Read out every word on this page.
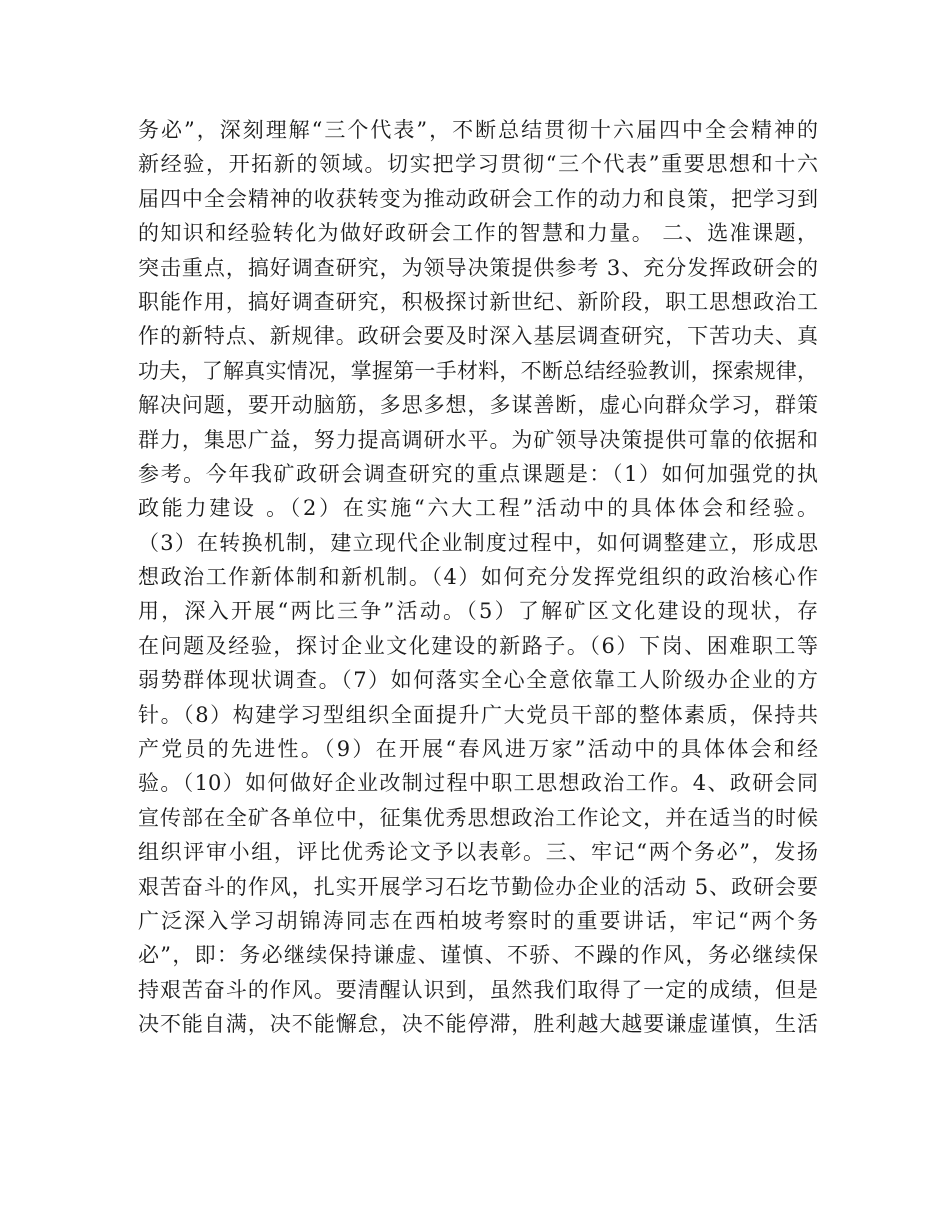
务必”，深刻理解“三个代表”，不断总结贯彻十六届四中全会精神的
新经验，开拓新的领域。切实把学习贯彻“三个代表”重要思想和十六
届四中全会精神的收获转变为推动政研会工作的动力和良策，把学习到
的知识和经验转化为做好政研会工作的智慧和力量。 二、选准课题，
突击重点，搞好调查研究，为领导决策提供参考 3、充分发挥政研会的
职能作用，搞好调查研究，积极探讨新世纪、新阶段，职工思想政治工
作的新特点、新规律。政研会要及时深入基层调查研究，下苦功夫、真
功夫，了解真实情况，掌握第一手材料，不断总结经验教训，探索规律，
解决问题，要开动脑筋，多思多想，多谋善断，虚心向群众学习，群策
群力，集思广益，努力提高调研水平。为矿领导决策提供可靠的依据和
参考。今年我矿政研会调查研究的重点课题是：（1）如何加强党的执
政能力建设 。（2）在实施“六大工程”活动中的具体体会和经验。
（3）在转换机制，建立现代企业制度过程中，如何调整建立，形成思
想政治工作新体制和新机制。（4）如何充分发挥党组织的政治核心作
用，深入开展“两比三争”活动。（5）了解矿区文化建设的现状，存
在问题及经验，探讨企业文化建设的新路子。（6）下岗、困难职工等
弱势群体现状调查。（7）如何落实全心全意依靠工人阶级办企业的方
针。（8）构建学习型组织全面提升广大党员干部的整体素质，保持共
产党员的先进性。（9）在开展“春风进万家”活动中的具体体会和经
验。（10）如何做好企业改制过程中职工思想政治工作。4、政研会同
宣传部在全矿各单位中，征集优秀思想政治工作论文，并在适当的时候
组织评审小组，评比优秀论文予以表彰。三、牢记“两个务必”，发扬
艰苦奋斗的作风，扎实开展学习石圪节勤俭办企业的活动 5、政研会要
广泛深入学习胡锦涛同志在西柏坡考察时的重要讲话，牢记“两个务
必”，即：务必继续保持谦虚、谨慎、不骄、不躁的作风，务必继续保
持艰苦奋斗的作风。要清醒认识到，虽然我们取得了一定的成绩，但是
决不能自满，决不能懈怠，决不能停滞，胜利越大越要谦虚谨慎，生活
